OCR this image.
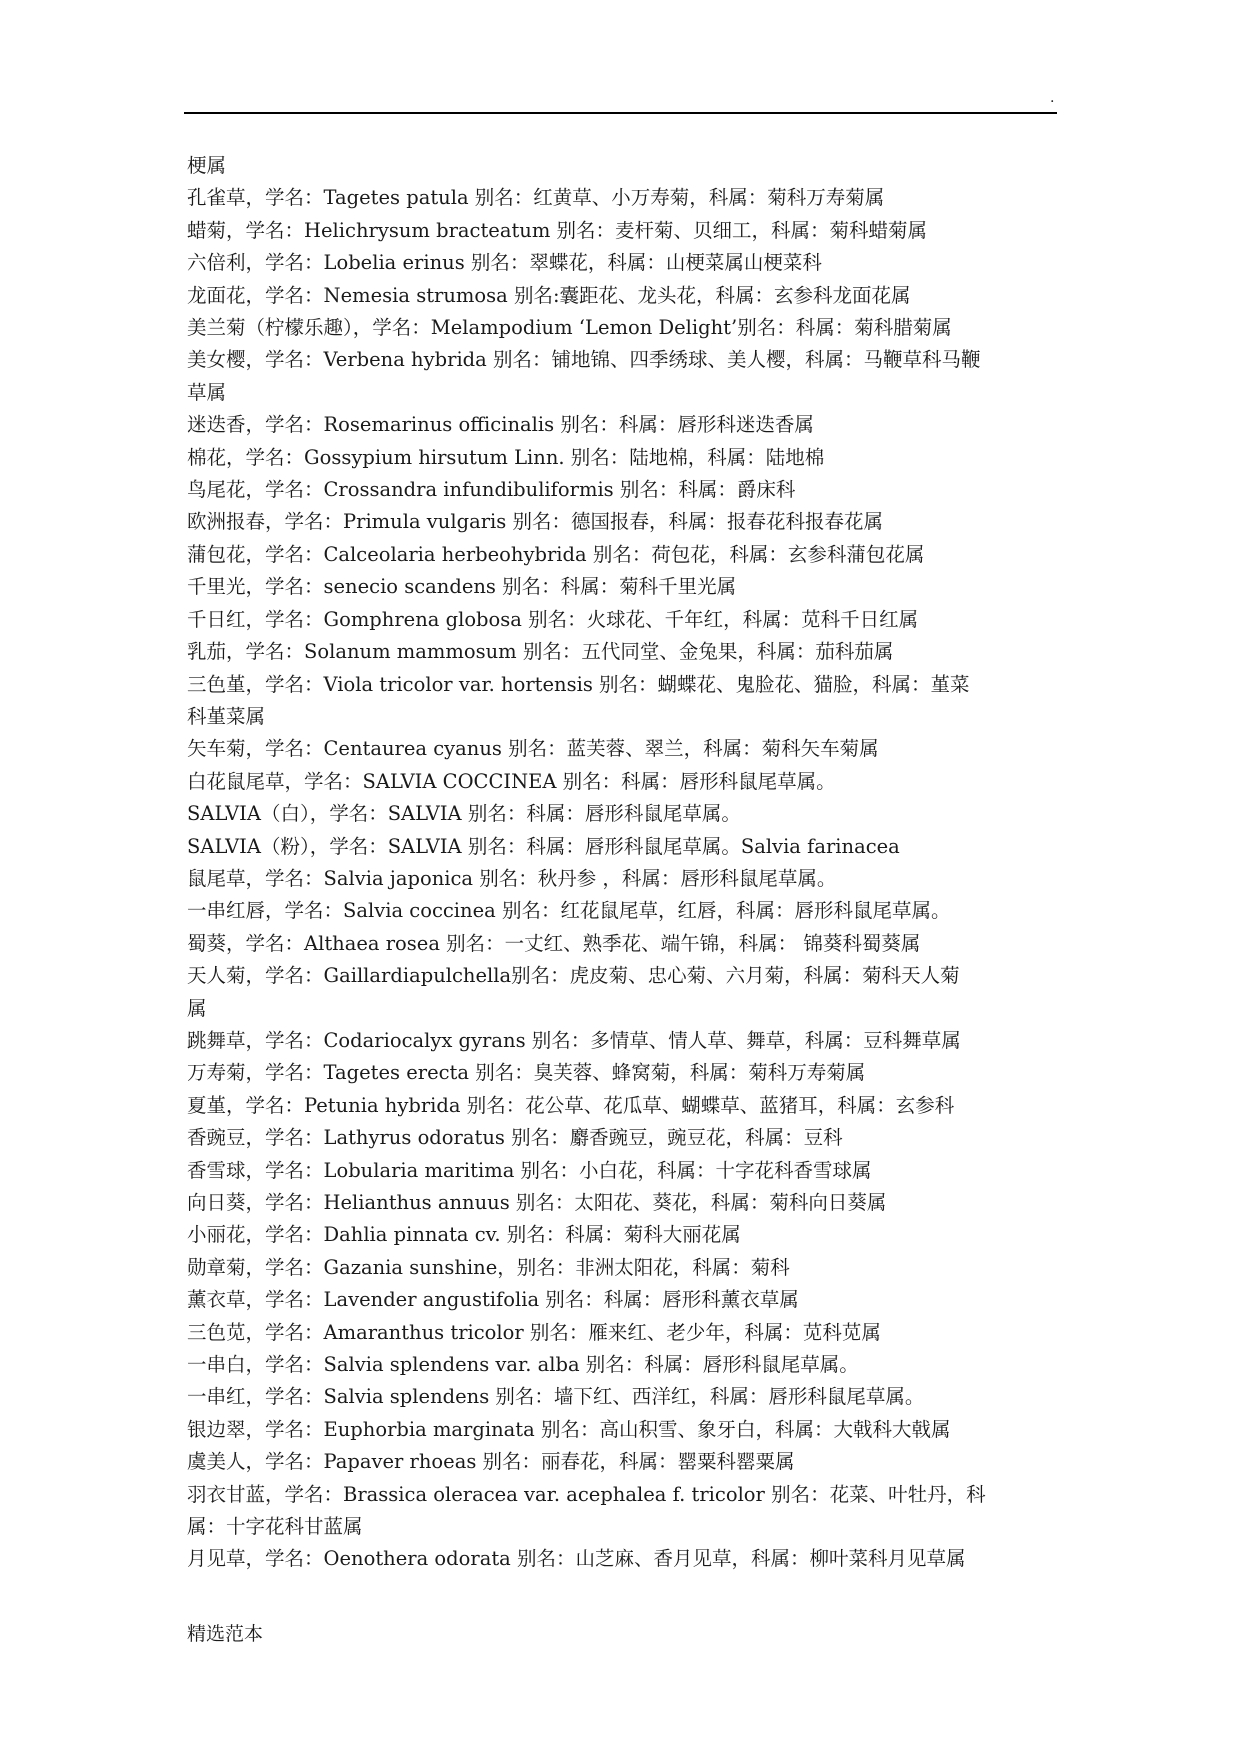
.
梗属
孔雀草，学名：Tagetes patula 别名：红黄草、小万寿菊，科属：菊科万寿菊属
蜡菊，学名：Helichrysum bracteatum 别名：麦杆菊、贝细工，科属：菊科蜡菊属
六倍利，学名：Lobelia erinus 别名：翠蝶花，科属：山梗菜属山梗菜科
龙面花，学名：Nemesia strumosa 别名:囊距花、龙头花，科属：玄参科龙面花属
美兰菊（柠檬乐趣），学名：Melampodium ‘Lemon Delight’别名：科属：菊科腊菊属
美女樱，学名：Verbena hybrida 别名：铺地锦、四季绣球、美人樱，科属：马鞭草科马鞭
草属
迷迭香，学名：Rosemarinus officinalis 别名：科属：唇形科迷迭香属
棉花，学名：Gossypium hirsutum Linn. 别名：陆地棉，科属：陆地棉
鸟尾花，学名：Crossandra infundibuliformis 别名：科属：爵床科
欧洲报春，学名：Primula vulgaris 别名：德国报春，科属：报春花科报春花属
蒲包花，学名：Calceolaria herbeohybrida 别名：荷包花，科属：玄参科蒲包花属
千里光，学名：senecio scandens 别名：科属：菊科千里光属
千日红，学名：Gomphrena globosa 别名：火球花、千年红，科属：苋科千日红属
乳茄，学名：Solanum mammosum 别名：五代同堂、金兔果，科属：茄科茄属
三色堇，学名：Viola tricolor var. hortensis 别名：蝴蝶花、鬼脸花、猫脸，科属：堇菜
科堇菜属
矢车菊，学名：Centaurea cyanus 别名：蓝芙蓉、翠兰，科属：菊科矢车菊属
白花鼠尾草，学名：SALVIA COCCINEA 别名：科属：唇形科鼠尾草属。
SALVIA（白），学名：SALVIA 别名：科属：唇形科鼠尾草属。
SALVIA（粉），学名：SALVIA 别名：科属：唇形科鼠尾草属。Salvia farinacea
鼠尾草，学名：Salvia japonica 别名：秋丹参 ，科属：唇形科鼠尾草属。
一串红唇，学名：Salvia coccinea 别名：红花鼠尾草，红唇，科属：唇形科鼠尾草属。
蜀葵，学名：Althaea rosea 别名：一丈红、熟季花、端午锦，科属： 锦葵科蜀葵属
天人菊，学名：Gaillardiapulchella别名：虎皮菊、忠心菊、六月菊，科属：菊科天人菊
属
跳舞草，学名：Codariocalyx gyrans 别名：多情草、情人草、舞草，科属：豆科舞草属
万寿菊，学名：Tagetes erecta 别名：臭芙蓉、蜂窝菊，科属：菊科万寿菊属
夏堇，学名：Petunia hybrida 别名：花公草、花瓜草、蝴蝶草、蓝猪耳，科属：玄参科
香豌豆，学名：Lathyrus odoratus 别名：麝香豌豆，豌豆花，科属：豆科
香雪球，学名：Lobularia maritima 别名：小白花，科属：十字花科香雪球属
向日葵，学名：Helianthus annuus 别名：太阳花、葵花，科属：菊科向日葵属
小丽花，学名：Dahlia pinnata cv. 别名：科属：菊科大丽花属
勋章菊，学名：Gazania sunshine，别名：非洲太阳花，科属：菊科
薰衣草，学名：Lavender angustifolia 别名：科属：唇形科薰衣草属
三色苋，学名：Amaranthus tricolor 别名：雁来红、老少年，科属：苋科苋属
一串白，学名：Salvia splendens var. alba 别名：科属：唇形科鼠尾草属。
一串红，学名：Salvia splendens 别名：墙下红、西洋红，科属：唇形科鼠尾草属。
银边翠，学名：Euphorbia marginata 别名：高山积雪、象牙白，科属：大戟科大戟属
虞美人，学名：Papaver rhoeas 别名：丽春花，科属：罂粟科罂粟属
羽衣甘蓝，学名：Brassica oleracea var. acephalea f. tricolor 别名：花菜、叶牡丹，科
属：十字花科甘蓝属
月见草，学名：Oenothera odorata 别名：山芝麻、香月见草，科属：柳叶菜科月见草属
精选范本
